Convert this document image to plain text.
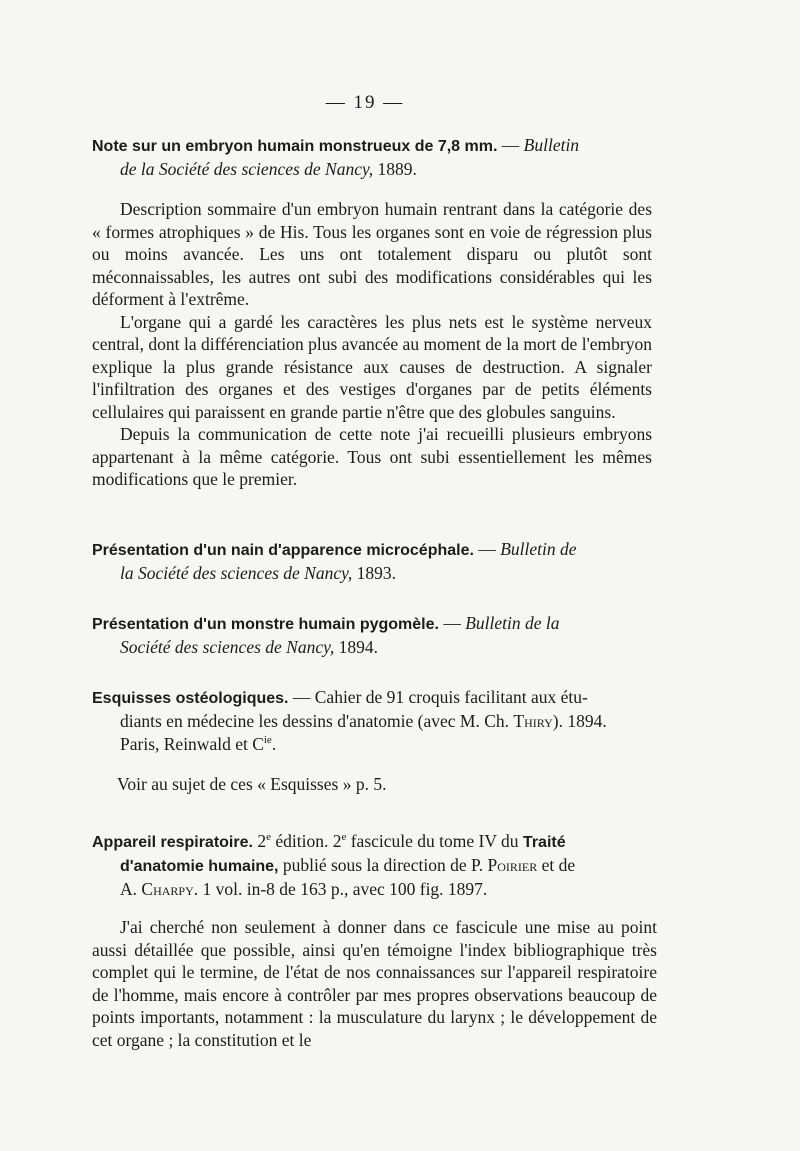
— 19 —
Note sur un embryon humain monstrueux de 7,8 mm. — Bulletin
de la Société des sciences de Nancy, 1889.

Description sommaire d'un embryon humain rentrant dans la catégorie des « formes atrophiques » de His. Tous les organes sont en voie de régression plus ou moins avancée. Les uns ont totalement disparu ou plutôt sont méconnaissables, les autres ont subi des modifications considérables qui les déforment à l'extrême.

L'organe qui a gardé les caractères les plus nets est le système nerveux central, dont la différenciation plus avancée au moment de la mort de l'embryon explique la plus grande résistance aux causes de destruction. A signaler l'infiltration des organes et des vestiges d'organes par de petits éléments cellulaires qui paraissent en grande partie n'être que des globules sanguins.

Depuis la communication de cette note j'ai recueilli plusieurs embryons appartenant à la même catégorie. Tous ont subi essentiellement les mêmes modifications que le premier.

Présentation d'un nain d'apparence microcéphale. — Bulletin de
la Société des sciences de Nancy, 1893.
Présentation d'un monstre humain pygomèle. — Bulletin de la
Société des sciences de Nancy, 1894.
Esquisses ostéologiques. — Cahier de 91 croquis facilitant aux étu-
diants en médecine les dessins d'anatomie (avec M. Ch. Thiry). 1894.
Paris, Reinwald et $C^{ie}$.
Voir au sujet de ces « Esquisses » p. 5.
Appareil respiratoire. 2e édition. 2e fascicule du tome IV du Traité
d'anatomie humaine, publié sous la direction de P. Poirier et de
A. Charpy. 1 vol. in-8 de 163 p., avec 100 fig. 1897.

J'ai cherché non seulement à donner dans ce fascicule une mise au point aussi détaillée que possible, ainsi qu'en témoigne l'index bibliographique très complet qui le termine, de l'état de nos connaissances sur l'appareil respiratoire de l'homme, mais encore à contrôler par mes propres observations beaucoup de points importants, notamment : la musculature du larynx ; le développement de cet organe ; la constitution et le
